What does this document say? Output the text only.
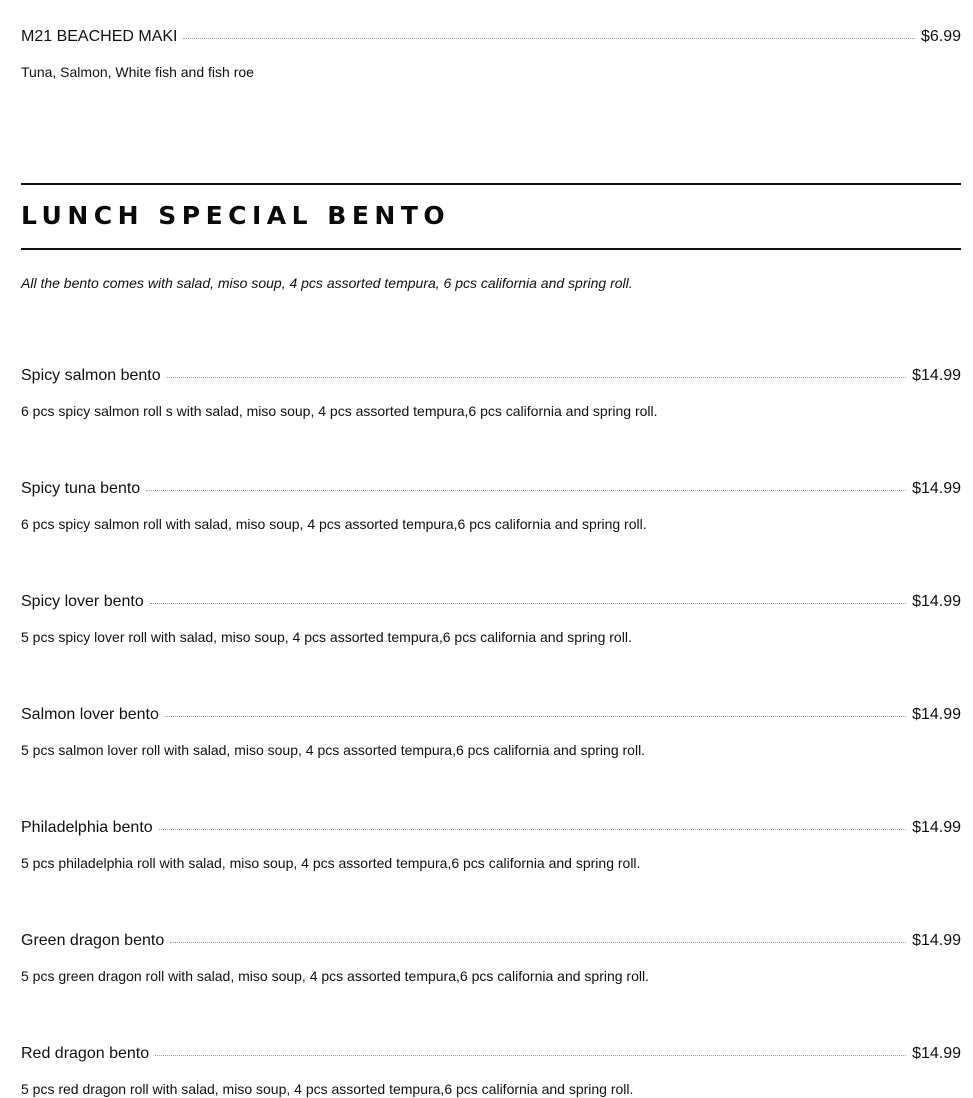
M21 BEACHED MAKI	$6.99
Tuna, Salmon, White fish and fish roe
LUNCH SPECIAL BENTO
All the bento comes with salad, miso soup, 4 pcs assorted tempura, 6 pcs california and spring roll.
Spicy salmon bento	$14.99
6 pcs spicy salmon roll s with salad, miso soup, 4 pcs assorted tempura,6 pcs california and spring roll.
Spicy tuna bento	$14.99
6 pcs spicy salmon roll with salad, miso soup, 4 pcs assorted tempura,6 pcs california and spring roll.
Spicy lover bento	$14.99
5 pcs spicy lover roll with salad, miso soup, 4 pcs assorted tempura,6 pcs california and spring roll.
Salmon lover bento	$14.99
5 pcs salmon lover roll with salad, miso soup, 4 pcs assorted tempura,6 pcs california and spring roll.
Philadelphia bento	$14.99
5 pcs philadelphia roll with salad, miso soup, 4 pcs assorted tempura,6 pcs california and spring roll.
Green dragon bento	$14.99
5 pcs green dragon roll with salad, miso soup, 4 pcs assorted tempura,6 pcs california and spring roll.
Red dragon bento	$14.99
5 pcs red dragon roll with salad, miso soup, 4 pcs assorted tempura,6 pcs california and spring roll.
